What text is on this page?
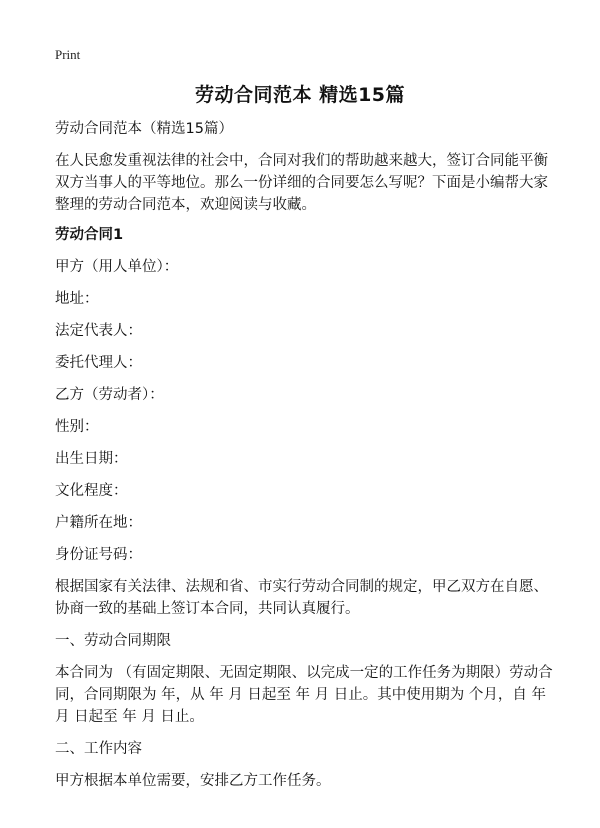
Print
劳动合同范本 精选15篇

劳动合同范本（精选15篇）

在人民愈发重视法律的社会中，合同对我们的帮助越来越大，签订合同能平衡双方当事人的平等地位。那么一份详细的合同要怎么写呢？下面是小编帮大家整理的劳动合同范本，欢迎阅读与收藏。

劳动合同1

甲方（用人单位）：

地址：

法定代表人：

委托代理人：

乙方（劳动者）：

性别：

出生日期：

文化程度：

户籍所在地：

身份证号码：

根据国家有关法律、法规和省、市实行劳动合同制的规定，甲乙双方在自愿、协商一致的基础上签订本合同，共同认真履行。

一、劳动合同期限

本合同为 （有固定期限、无固定期限、以完成一定的工作任务为期限）劳动合同，合同期限为 年，从 年 月 日起至 年 月 日止。其中使用期为 个月，自 年 月 日起至 年 月 日止。

二、工作内容

甲方根据本单位需要，安排乙方工作任务。
